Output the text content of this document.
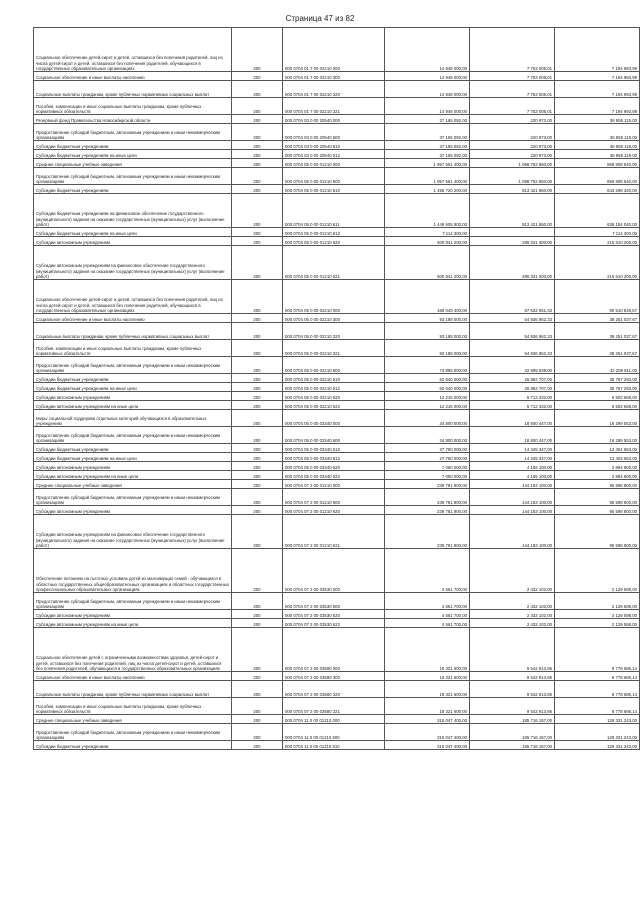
Страница 47 из 82
Социальное обеспечение детей-сирот и детей, оставшихся без попечения родителей, лиц из числа детей-сирот и детей, оставшихся без попечения родителей, обучающихся в государственных образовательных организациях	200	000 0704 01 7 00 02210 000	14 948 000,00	7 753 005,01	7 194 993,99
Социальное обеспечение и иные выплаты населению	200	000 0704 01 7 00 02210 300	14 948 000,00	7 753 005,01	7 194 993,99
Социальные выплаты гражданам, кроме публичных нормативных социальных выплат	200	000 0704 01 7 00 02210 320	14 948 000,00	7 753 005,01	7 194 993,99
Пособия, компенсации и иные социальные выплаты гражданам, кроме публичных нормативных обязательств	200	000 0704 01 7 00 02210 321	14 948 000,00	7 753 005,01	7 194 993,99
Резервный фонд Правительства Новосибирской области	200	000 0704 03 0 00 20540 000	37 165 092,00	220 973,00	36 955 119,00
Предоставление субсидий бюджетным, автономным учреждениям и иным некоммерческим организациям	200	000 0704 03 0 00 20540 600	37 165 092,00	220 973,00	36 955 119,00
Субсидии бюджетным учреждениям	200	000 0704 03 0 00 20540 610	37 165 092,00	220 973,00	36 955 119,00
Субсидии бюджетным учреждениям на иные цели	200	000 0704 03 0 00 20540 612	37 165 092,00	220 973,00	36 955 119,00
Средние специальные учебные заведения	200	000 0704 05 0 00 01210 000	1 957 561 400,00	1 098 752 860,00	858 808 540,00
Предоставление субсидий бюджетным, автономным учреждениям и иным некоммерческим организациям	200	000 0704 05 0 00 01210 600	1 957 561 400,00	1 098 752 860,00	858 808 540,00
Субсидии бюджетным учреждениям	200	000 0704 05 0 00 01210 610	1 456 720 200,00	813 421 860,00	643 298 340,00
Субсидии бюджетным учреждениям на финансовое обеспечение государственного (муниципального) задания на оказание государственных (муниципальных) услуг (выполнение работ)	200	000 0704 05 0 00 01210 611	1 449 605 900,00	813 421 860,00	636 184 040,00
Субсидии бюджетным учреждениям на иные цели	200	000 0704 05 0 00 01210 612	7 114 300,00		7 114 300,00
Субсидии автономным учреждениям	200	000 0704 05 0 00 01210 620	500 841 200,00	285 331 000,00	215 510 200,00
Субсидии автономным учреждениям на финансовое обеспечение государственного (муниципального) задания на оказание государственных (муниципальных) услуг (выполнение работ)	200	000 0704 05 0 00 01210 621	500 841 200,00	285 331 000,00	215 510 200,00
Социальное обеспечение детей-сирот и детей, оставшихся без попечения родителей, лиц из числа детей-сирот и детей, оставшихся без попечения родителей, обучающихся в государственных образовательных организациях	200	000 0704 05 0 00 02210 000	168 043 400,00	87 532 651,33	80 510 848,67
Социальное обеспечение и иные выплаты населению	200	000 0704 05 0 00 02210 300	93 188 000,00	54 936 962,33	38 251 037,67
Социальные выплаты гражданам, кроме публичных нормативных социальных выплат	200	000 0704 05 0 00 02210 320	93 188 000,00	54 936 962,33	38 251 037,67
Пособия, компенсации и иные социальные выплаты гражданам, кроме публичных нормативных обязательств	200	000 0704 05 0 00 02210 321	93 188 000,00	54 936 962,33	38 251 037,67
Предоставление субсидий бюджетным, автономным учреждениям и иным некоммерческим организациям	200	000 0704 05 0 00 02210 600	74 855 000,00	32 595 039,00	42 259 811,00
Субсидии бюджетным учреждениям	200	000 0704 05 0 00 02210 610	62 640 000,00	26 882 707,00	35 757 293,00
Субсидии бюджетным учреждениям на иные цели	200	000 0704 05 0 00 02210 612	62 640 000,00	26 882 707,00	35 757 293,00
Субсидии автономным учреждениям	200	000 0704 05 0 00 02210 620	12 215 000,00	5 712 332,00	6 502 668,00
Субсидии автономным учреждениям на иные цели	200	000 0704 05 0 00 02210 622	12 215 000,00	5 712 332,00	6 502 668,00
Меры социальной поддержки отдельных категорий обучающихся в образовательных учреждениях	200	000 0704 05 0 00 03340 000	34 800 000,00	18 600 447,00	16 299 553,00
Предоставление субсидий бюджетным, автономным учреждениям и иным некоммерческим организациям	200	000 0704 05 0 00 03340 600	34 800 000,00	18 600 447,00	16 299 553,00
Субсидии бюджетным учреждениям	200	000 0704 05 0 00 03340 610	27 750 000,00	14 345 347,00	13 404 653,00
Субсидии бюджетным учреждениям на иные цели	200	000 0704 05 0 00 03340 612	27 750 000,00	14 345 347,00	13 404 653,00
Субсидии автономным учреждениям	200	000 0704 05 0 00 03340 620	7 050 000,00	4 155 100,00	2 894 900,00
Субсидии автономным учреждениям на иные цели	200	000 0704 05 0 00 03340 622	7 050 000,00	4 155 100,00	2 894 900,00
Средние специальные учебные заведения	200	000 0704 07 2 00 01210 000	239 781 900,00	144 183 100,00	95 598 800,00
Предоставление субсидий бюджетным, автономным учреждениям и иным некоммерческим организациям	200	000 0704 07 2 00 01210 600	239 781 900,00	144 183 100,00	95 598 800,00
Субсидии автономным учреждениям	200	000 0704 07 2 00 01210 620	239 781 900,00	144 183 100,00	95 598 800,00
Субсидии автономным учреждениям на финансовое обеспечение государственного (муниципального) задания на оказание государственных (муниципальных) услуг (выполнение работ)	200	000 0704 07 2 00 01210 621	239 781 900,00	144 183 100,00	95 598 800,00
Обеспечение питанием на льготных условиях детей из малоимущих семей - обучающихся в областных государственных общеобразовательных организациях и областных государственных профессиональных образовательных организациях	200	000 0704 07 2 00 03530 000	4 561 700,00	2 432 102,00	2 129 598,00
Предоставление субсидий бюджетным, автономным учреждениям и иным некоммерческим организациям	200	000 0704 07 2 00 03530 600	4 561 700,00	2 432 102,00	2 129 598,00
Субсидии автономным учреждениям	200	000 0704 07 2 00 03530 620	4 561 700,00	2 432 102,00	2 129 598,00
Субсидии автономным учреждениям на иные цели	200	000 0704 07 2 00 03530 622	4 561 700,00	2 432 102,00	2 129 598,00
Социальное обеспечение детей с ограниченными возможностями здоровья, детей-сирот и детей, оставшихся без попечения родителей, лиц из числа детей-сирот и детей, оставшихся без попечения родителей, обучающихся в государственных образовательных организациях	200	000 0704 07 2 00 03580 000	18 321 600,00	9 542 913,86	8 778 686,14
Социальное обеспечение и иные выплаты населению	200	000 0704 07 2 00 03580 300	18 321 600,00	9 542 913,86	8 778 686,14
Социальные выплаты гражданам, кроме публичных нормативных социальных выплат	200	000 0704 07 2 00 03580 320	18 321 600,00	9 542 913,86	8 778 686,14
Пособия, компенсации и иные социальные выплаты гражданам, кроме публичных нормативных обязательств	200	000 0704 07 2 00 03580 321	18 321 600,00	9 542 913,86	8 778 686,14
Средние специальные учебные заведения	200	000 0704 11 0 00 01210 000	315 047 400,00	185 716 157,00	129 331 243,00
Предоставление субсидий бюджетным, автономным учреждениям и иным некоммерческим организациям	200	000 0704 11 0 00 01210 600	315 047 400,00	185 716 157,00	129 331 243,00
Субсидии бюджетным учреждениям	200	000 0704 11 0 00 01210 610	315 047 400,00	185 716 157,00	129 331 243,00
